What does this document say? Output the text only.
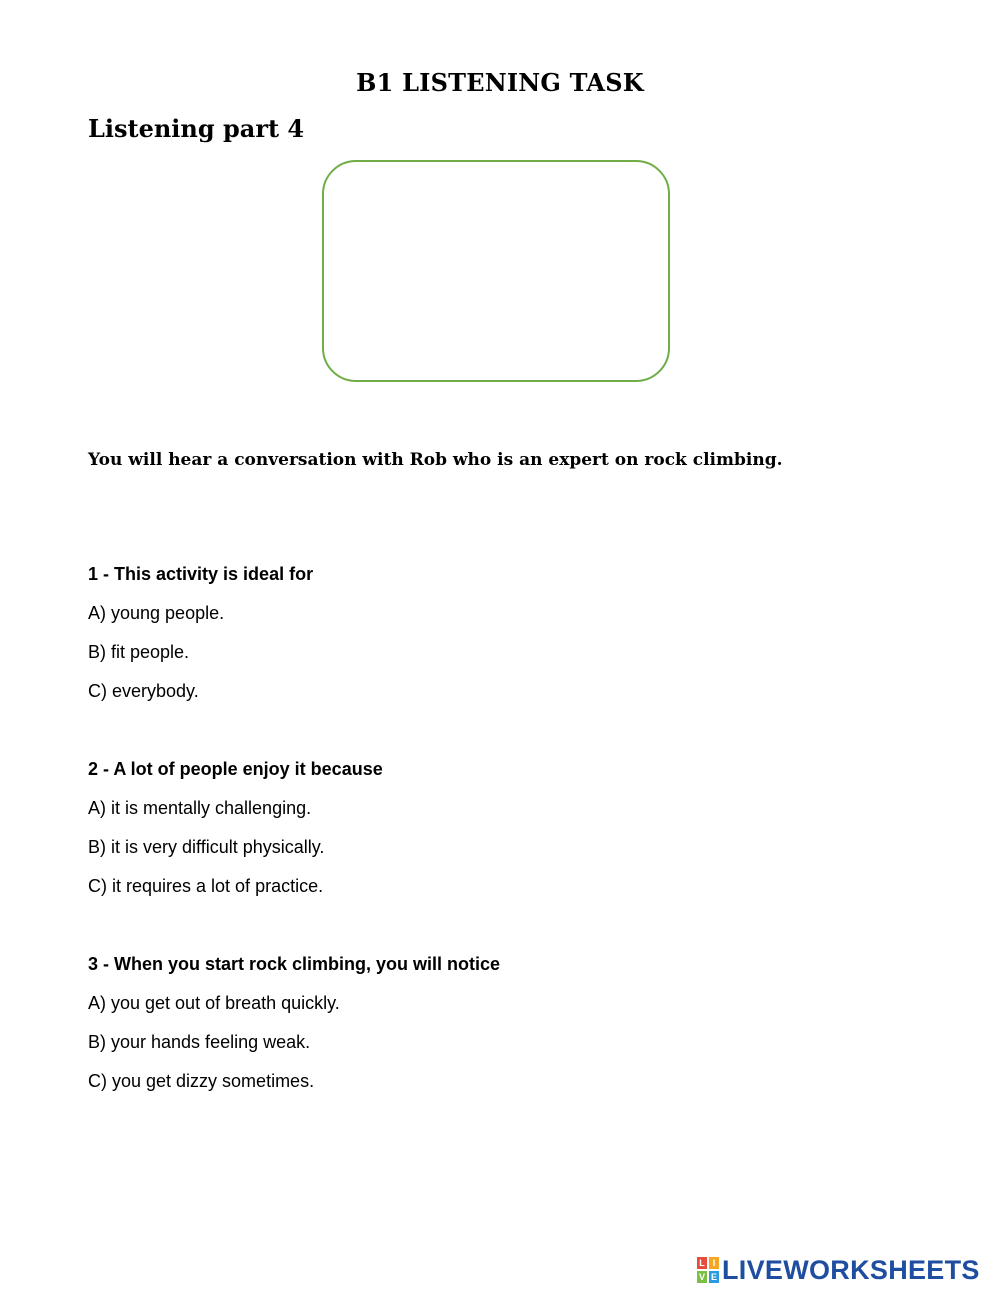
B1 LISTENING TASK
Listening part 4
You will hear a conversation with Rob who is an expert on rock climbing.
1 - This activity is ideal for
A) young people.
B) fit people.
C) everybody.
2 - A lot of people enjoy it because
A) it is mentally challenging.
B) it is very difficult physically.
C) it requires a lot of practice.
3 - When you start rock climbing, you will notice
A) you get out of breath quickly.
B) your hands feeling weak.
C) you get dizzy sometimes.
L I
V E LIVEWORKSHEETS
